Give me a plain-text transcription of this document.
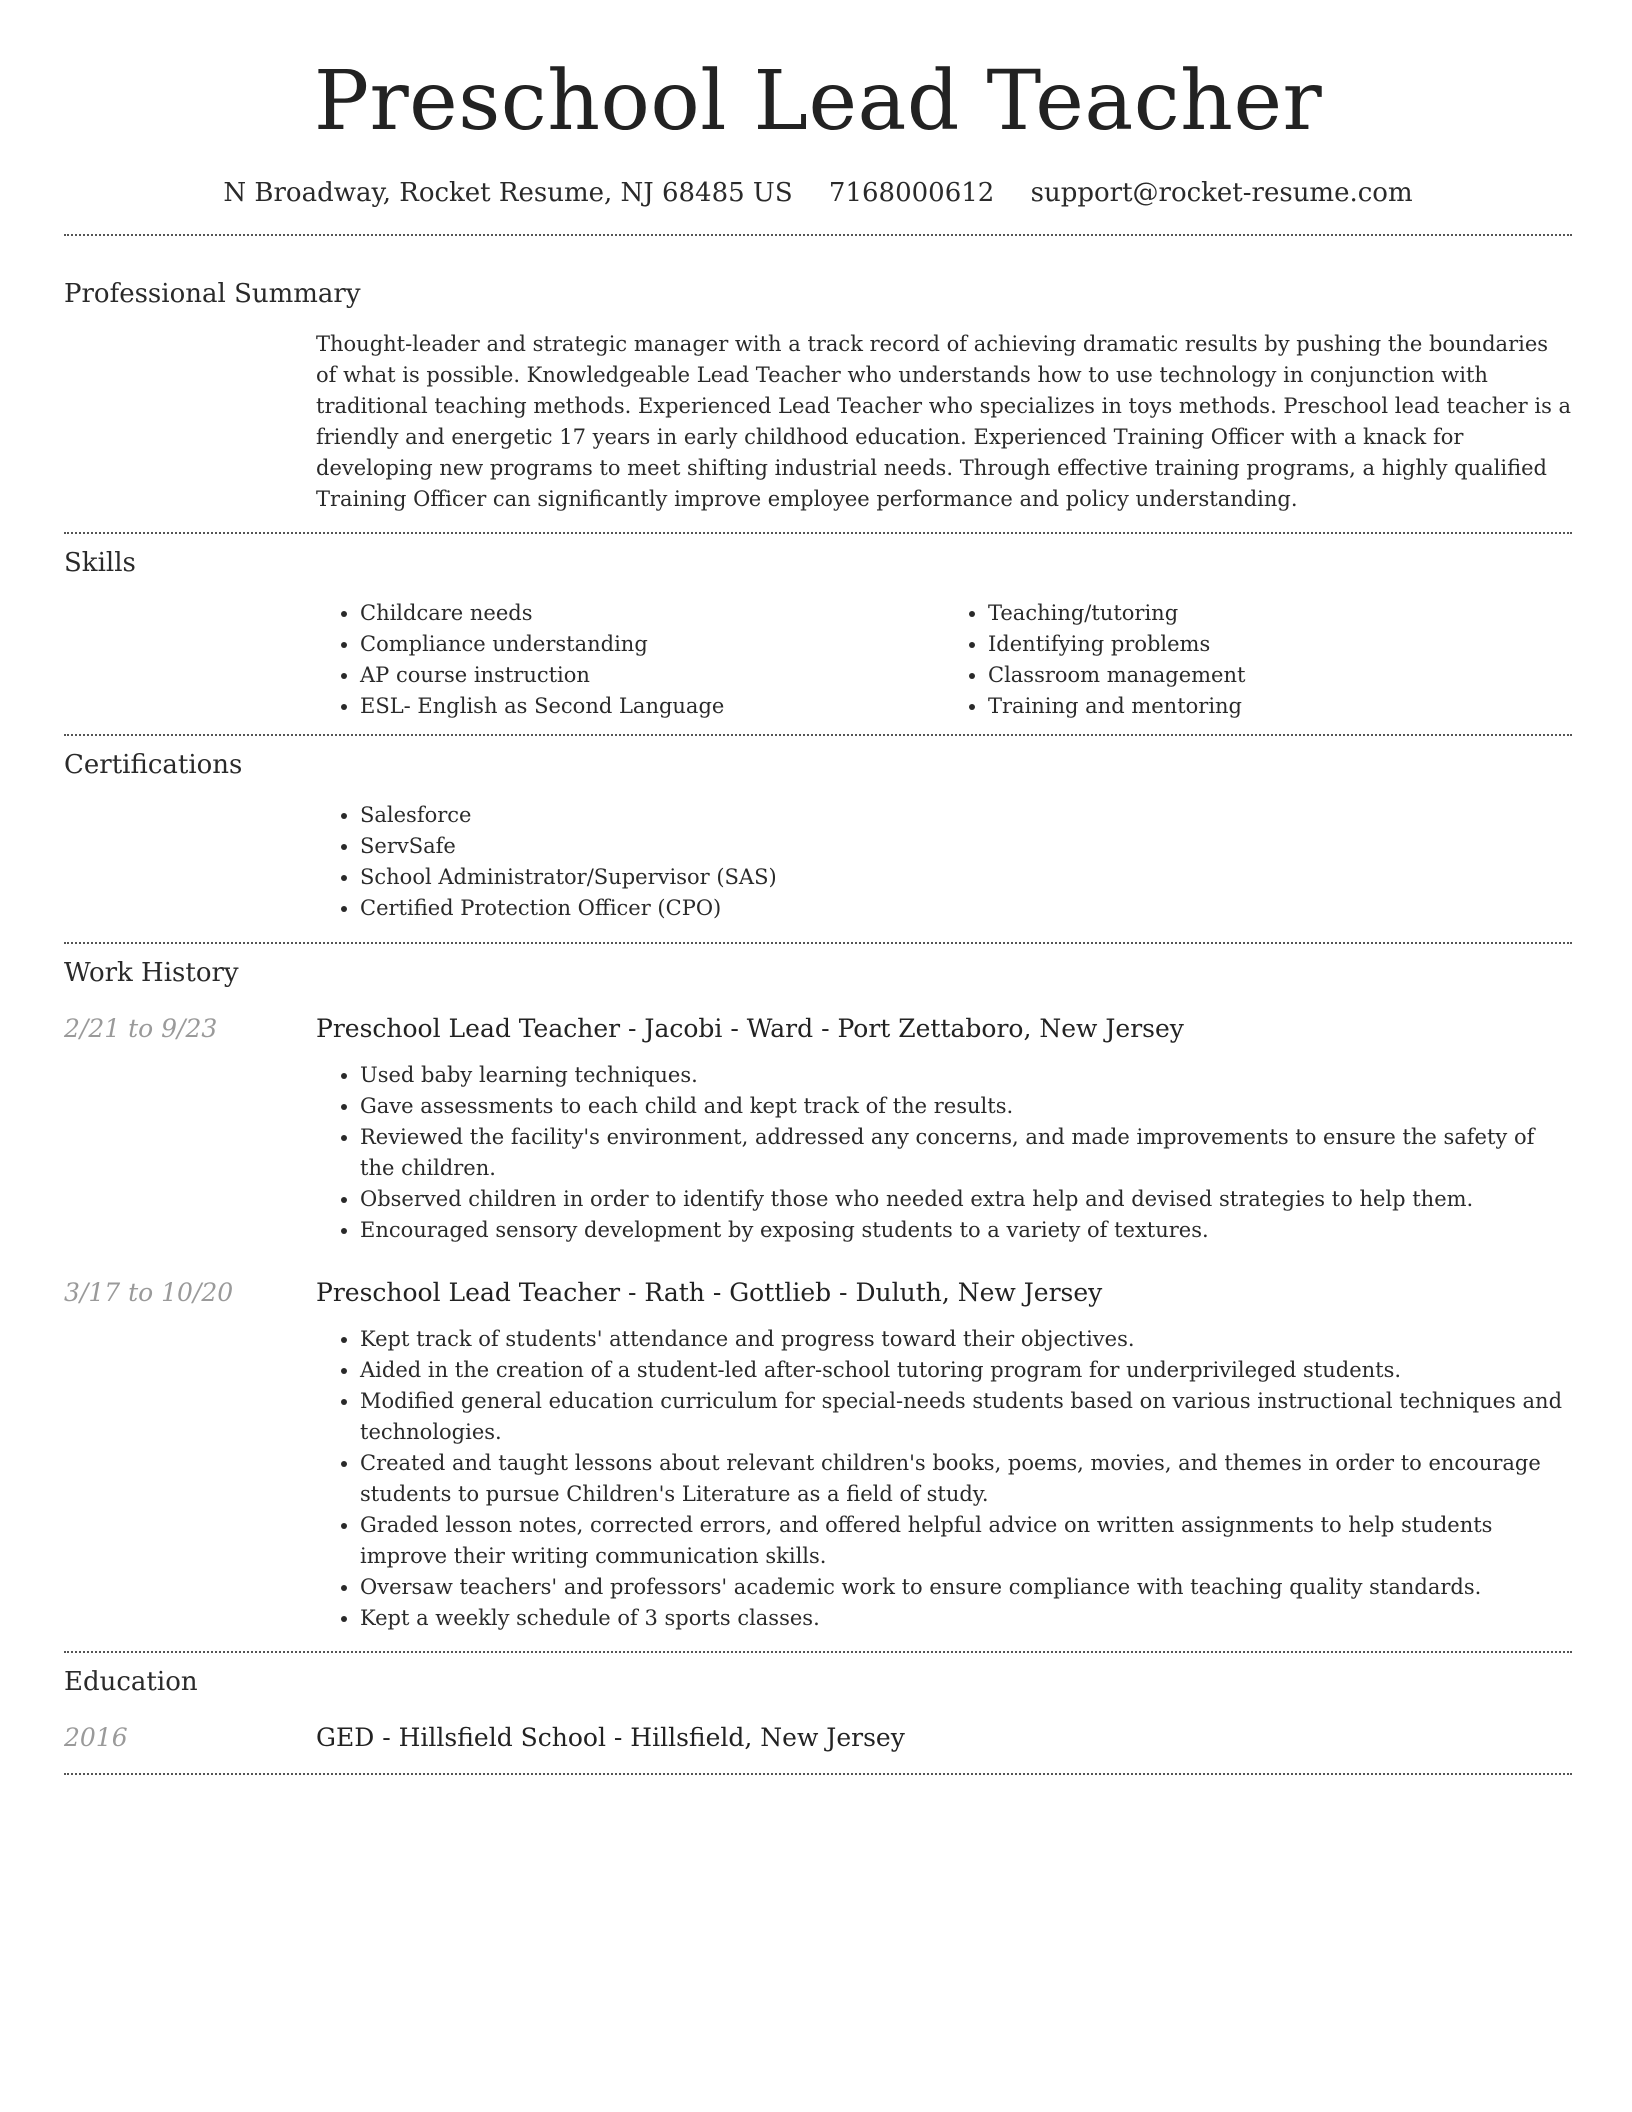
Preschool Lead Teacher
N Broadway, Rocket Resume, NJ 68485 US 7168000612 support@rocket-resume.com
Professional Summary

Thought-leader and strategic manager with a track record of achieving dramatic results by pushing the boundaries of what is possible. Knowledgeable Lead Teacher who understands how to use technology in conjunction with traditional teaching methods. Experienced Lead Teacher who specializes in toys methods. Preschool lead teacher is a friendly and energetic 17 years in early childhood education. Experienced Training Officer with a knack for developing new programs to meet shifting industrial needs. Through effective training programs, a highly qualified Training Officer can significantly improve employee performance and policy understanding.

Skills
• Childcare needs
• Compliance understanding
• AP course instruction
• ESL- English as Second Language
• Teaching/tutoring
• Identifying problems
• Classroom management
• Training and mentoring
Certifications
• Salesforce
• ServSafe
• School Administrator/Supervisor (SAS)
• Certified Protection Officer (CPO)
Work History
2/21 to 9/23	Preschool Lead Teacher - Jacobi - Ward - Port Zettaboro, New Jersey
• Used baby learning techniques.
• Gave assessments to each child and kept track of the results.
• Reviewed the facility's environment, addressed any concerns, and made improvements to ensure the safety of the children.
• Observed children in order to identify those who needed extra help and devised strategies to help them.
• Encouraged sensory development by exposing students to a variety of textures.
3/17 to 10/20	Preschool Lead Teacher - Rath - Gottlieb - Duluth, New Jersey
• Kept track of students' attendance and progress toward their objectives.
• Aided in the creation of a student-led after-school tutoring program for underprivileged students.
• Modified general education curriculum for special-needs students based on various instructional techniques and technologies.
• Created and taught lessons about relevant children's books, poems, movies, and themes in order to encourage students to pursue Children's Literature as a field of study.
• Graded lesson notes, corrected errors, and offered helpful advice on written assignments to help students improve their writing communication skills.
• Oversaw teachers' and professors' academic work to ensure compliance with teaching quality standards.
• Kept a weekly schedule of 3 sports classes.
Education
2016	GED - Hillsfield School - Hillsfield, New Jersey
